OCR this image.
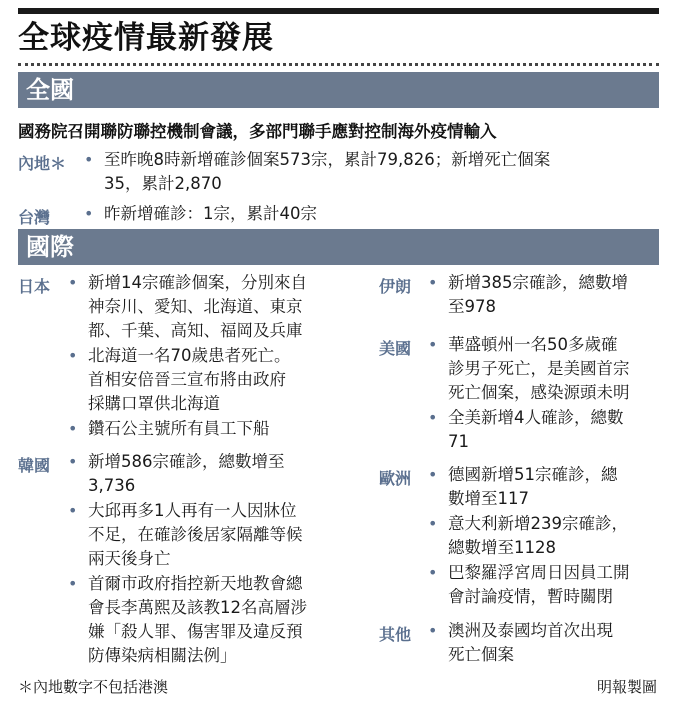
全球疫情最新發展
全國
國務院召開聯防聯控機制會議，多部門聯手應對控制海外疫情輸入
內地＊ • 至昨晚8時新增確診個案573宗，累計79,826；新增死亡個案
35，累計2,870
台灣 • 昨新增確診：1宗，累計40宗
國際
日本 • 新增14宗確診個案，分別來自
神奈川、愛知、北海道、東京
都、千葉、高知、福岡及兵庫
• 北海道一名70歲患者死亡。
首相安倍晉三宣布將由政府
採購口罩供北海道
• 鑽石公主號所有員工下船
韓國 • 新增586宗確診，總數增至
3,736
• 大邱再多1人再有一人因牀位
不足，在確診後居家隔離等候
兩天後身亡
• 首爾市政府指控新天地教會總
會長李萬熙及該教12名高層涉
嫌「殺人罪、傷害罪及違反預
防傳染病相關法例」
伊朗 • 新增385宗確診，總數增
至978
美國 • 華盛頓州一名50多歲確
診男子死亡，是美國首宗
死亡個案，感染源頭未明
• 全美新增4人確診，總數
71
歐洲 • 德國新增51宗確診，總
數增至117
• 意大利新增239宗確診，
總數增至1128
• 巴黎羅浮宮周日因員工開
會討論疫情，暫時關閉
其他 • 澳洲及泰國均首次出現
死亡個案
＊內地數字不包括港澳	明報製圖
